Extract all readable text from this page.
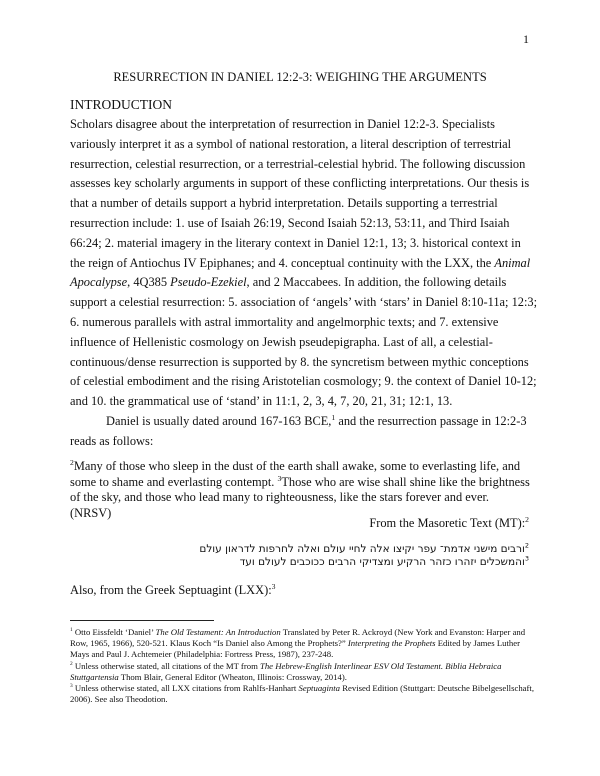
1
RESURRECTION IN DANIEL 12:2-3: WEIGHING THE ARGUMENTS
INTRODUCTION

Scholars disagree about the interpretation of resurrection in Daniel 12:2-3. Specialists variously interpret it as a symbol of national restoration, a literal description of terrestrial resurrection, celestial resurrection, or a terrestrial-celestial hybrid. The following discussion assesses key scholarly arguments in support of these conflicting interpretations. Our thesis is that a number of details support a hybrid interpretation. Details supporting a terrestrial resurrection include: 1. use of Isaiah 26:19, Second Isaiah 52:13, 53:11, and Third Isaiah 66:24; 2. material imagery in the literary context in Daniel 12:1, 13; 3. historical context in the reign of Antiochus IV Epiphanes; and 4. conceptual continuity with the LXX, the Animal Apocalypse, 4Q385 Pseudo-Ezekiel, and 2 Maccabees. In addition, the following details support a celestial resurrection: 5. association of ‘angels’ with ‘stars’ in Daniel 8:10-11a; 12:3; 6. numerous parallels with astral immortality and angelmorphic texts; and 7. extensive influence of Hellenistic cosmology on Jewish pseudepigrapha. Last of all, a celestial-continuous/dense resurrection is supported by 8. the syncretism between mythic conceptions of celestial embodiment and the rising Aristotelian cosmology; 9. the context of Daniel 10-12; and 10. the grammatical use of ‘stand’ in 11:1, 2, 3, 4, 7, 20, 21, 31; 12:1, 13.

Daniel is usually dated around 167-163 BCE,$^1$ and the resurrection passage in 12:2-3 reads as follows:

$^2$Many of those who sleep in the dust of the earth shall awake, some to everlasting life, and some to shame and everlasting contempt. $^3$Those who are wise shall shine like the brightness of the sky, and those who lead many to righteousness, like the stars forever and ever. (NRSV)
From the Masoretic Text (MT):$^2$
$^2$ורבים מישני אדמת־ עפר יקיצו אלה לחיי עולם ואלה לחרפות לדראון עולם
$^3$והמשכלים יזהרו כזהר הרקיע ומצדיקי הרבים ככוכבים לעולם ועד
Also, from the Greek Septuagint (LXX):$^3$

$^1$ Otto Eissfeldt ‘Daniel’ The Old Testament: An Introduction Translated by Peter R. Ackroyd (New York and Evanston: Harper and Row, 1965, 1966), 520-521. Klaus Koch “Is Daniel also Among the Prophets?” Interpreting the Prophets Edited by James Luther Mays and Paul J. Achtemeier (Philadelphia: Fortress Press, 1987), 237-248.

$^2$ Unless otherwise stated, all citations of the MT from The Hebrew-English Interlinear ESV Old Testament. Biblia Hebraica Stuttgartensia Thom Blair, General Editor (Wheaton, Illinois: Crossway, 2014).

$^3$ Unless otherwise stated, all LXX citations from Rahlfs-Hanhart Septuaginta Revised Edition (Stuttgart: Deutsche Bibelgesellschaft, 2006). See also Theodotion.
